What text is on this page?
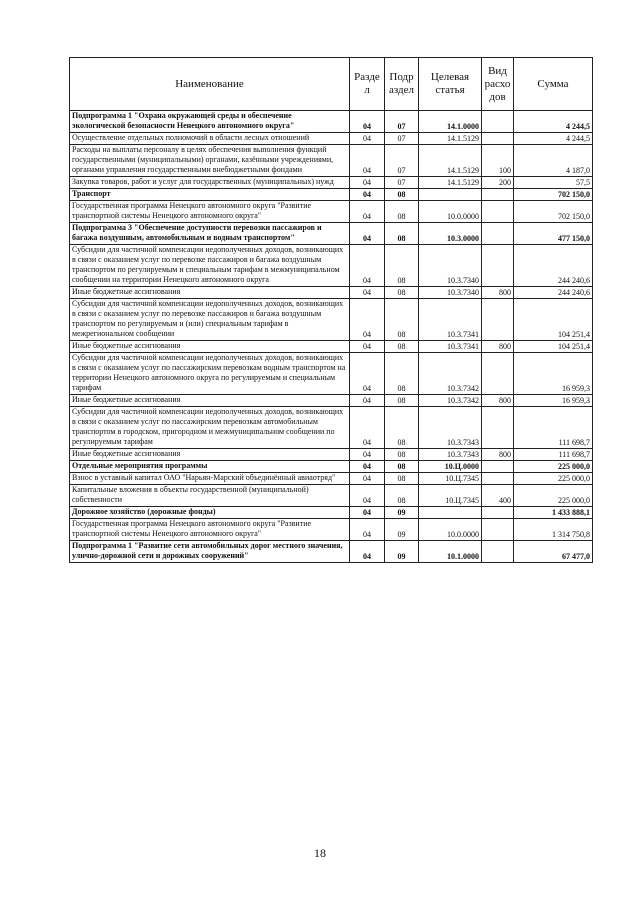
Наименование	Разде л	Подр аздел	Целевая статья	Вид расхо дов	Сумма
Подпрограмма 1 "Охрана окружающей среды и обеспечение экологической безопасности Ненецкого автономного округа"	04	07	14.1.0000		4 244,5
Осуществление отдельных полномочий в области лесных отношений	04	07	14.1.5129		4 244,5
Расходы на выплаты персоналу в целях обеспечения выполнения функций государственными (муниципальными) органами, казёнными учреждениями, органами управления государственными внебюджетными фондами	04	07	14.1.5129	100	4 187,0
Закупка товаров, работ и услуг для государственных (муниципальных) нужд	04	07	14.1.5129	200	57,5
Транспорт	04	08			702 150,0
Государственная программа Ненецкого автономного округа "Развитие транспортной системы Ненецкого автономного округа"	04	08	10.0.0000		702 150,0
Подпрограмма 3 "Обеспечение доступности перевозки пассажиров и багажа воздушным, автомобильным и водным транспортом"	04	08	10.3.0000		477 150,0
Субсидии для частичной компенсации недополученных доходов, возникающих в связи с оказанием услуг по перевозке пассажиров и багажа воздушным транспортом по регулируемым и специальным тарифам в межмуниципальном сообщении на территории Ненецкого автономного округа	04	08	10.3.7340		244 240,6
Иные бюджетные ассигнования	04	08	10.3.7340	800	244 240,6
Субсидии для частичной компенсации недополученных доходов, возникающих в связи с оказанием услуг по перевозке пассажиров и багажа воздушным транспортом по регулируемым и (или) специальным тарифам в межрегиональном сообщении	04	08	10.3.7341		104 251,4
Иные бюджетные ассигнования	04	08	10.3.7341	800	104 251,4
Субсидии для частичной компенсации недополученных доходов, возникающих в связи с оказанием услуг по пассажирским перевозкам водным транспортом на территории Ненецкого автономного округа по регулируемым и специальным тарифам	04	08	10.3.7342		16 959,3
Иные бюджетные ассигнования	04	08	10.3.7342	800	16 959,3
Субсидии для частичной компенсации недополученных доходов, возникающих в связи с оказанием услуг по пассажирским перевозкам автомобильным транспортом в городском, пригородном и межмуниципальном сообщении по регулируемым тарифам	04	08	10.3.7343		111 698,7
Иные бюджетные ассигнования	04	08	10.3.7343	800	111 698,7
Отдельные мероприятия программы	04	08	10.Ц.0000		225 000,0
Взнос в уставный капитал ОАО "Нарьян-Марский объединённый авиаотряд"	04	08	10.Ц.7345		225 000,0
Капитальные вложения в объекты государственной (муниципальной) собственности	04	08	10.Ц.7345	400	225 000,0
Дорожное хозяйство (дорожные фонды)	04	09			1 433 888,1
Государственная программа Ненецкого автономного округа "Развитие транспортной системы Ненецкого автономного округа"	04	09	10.0.0000		1 314 750,8
Подпрограмма 1 "Развитие сети автомобильных дорог местного значения, улично-дорожной сети и дорожных сооружений"	04	09	10.1.0000		67 477,0
18
